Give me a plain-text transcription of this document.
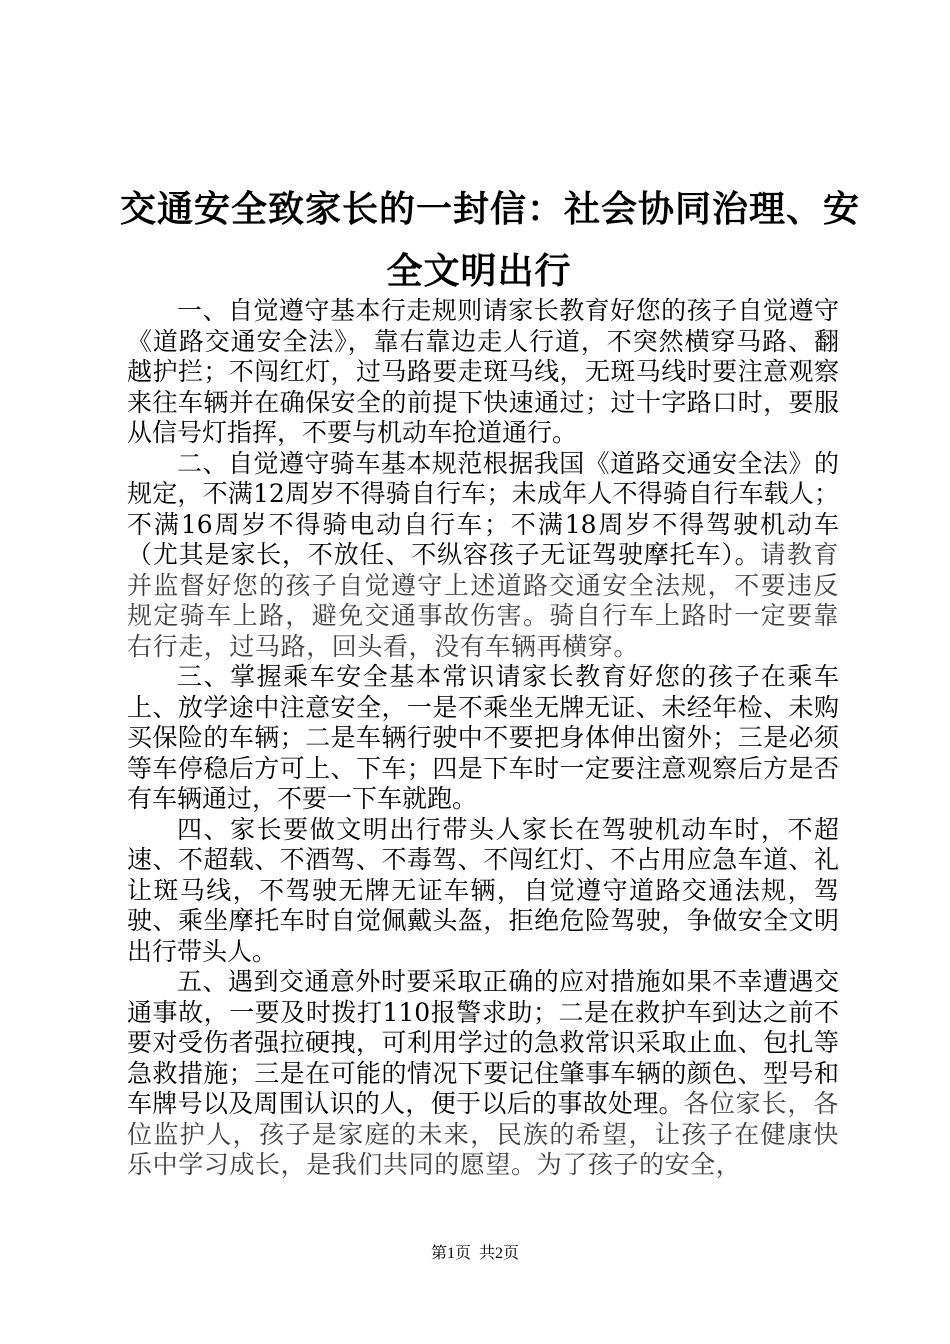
交通安全致家长的一封信：社会协同治理、安
全文明出行

一、自觉遵守基本行走规则请家长教育好您的孩子自觉遵守《道路交通安全法》，靠右靠边走人行道，不突然横穿马路、翻越护拦；不闯红灯，过马路要走斑马线，无斑马线时要注意观察来往车辆并在确保安全的前提下快速通过；过十字路口时，要服从信号灯指挥，不要与机动车抢道通行。

二、自觉遵守骑车基本规范根据我国《道路交通安全法》的规定，不满12周岁不得骑自行车；未成年人不得骑自行车载人；不满16周岁不得骑电动自行车；不满18周岁不得驾驶机动车（尤其是家长，不放任、不纵容孩子无证驾驶摩托车）。请教育并监督好您的孩子自觉遵守上述道路交通安全法规，不要违反规定骑车上路，避免交通事故伤害。骑自行车上路时一定要靠右行走，过马路，回头看，没有车辆再横穿。

三、掌握乘车安全基本常识请家长教育好您的孩子在乘车上、放学途中注意安全，一是不乘坐无牌无证、未经年检、未购买保险的车辆；二是车辆行驶中不要把身体伸出窗外；三是必须等车停稳后方可上、下车；四是下车时一定要注意观察后方是否有车辆通过，不要一下车就跑。

四、家长要做文明出行带头人家长在驾驶机动车时，不超速、不超载、不酒驾、不毒驾、不闯红灯、不占用应急车道、礼让斑马线，不驾驶无牌无证车辆，自觉遵守道路交通法规，驾驶、乘坐摩托车时自觉佩戴头盔，拒绝危险驾驶，争做安全文明出行带头人。

五、遇到交通意外时要采取正确的应对措施如果不幸遭遇交通事故，一要及时拨打110报警求助；二是在救护车到达之前不要对受伤者强拉硬拽，可利用学过的急救常识采取止血、包扎等急救措施；三是在可能的情况下要记住肇事车辆的颜色、型号和车牌号以及周围认识的人，便于以后的事故处理。各位家长，各位监护人，孩子是家庭的未来，民族的希望，让孩子在健康快乐中学习成长，是我们共同的愿望。为了孩子的安全，

第1页 共2页
